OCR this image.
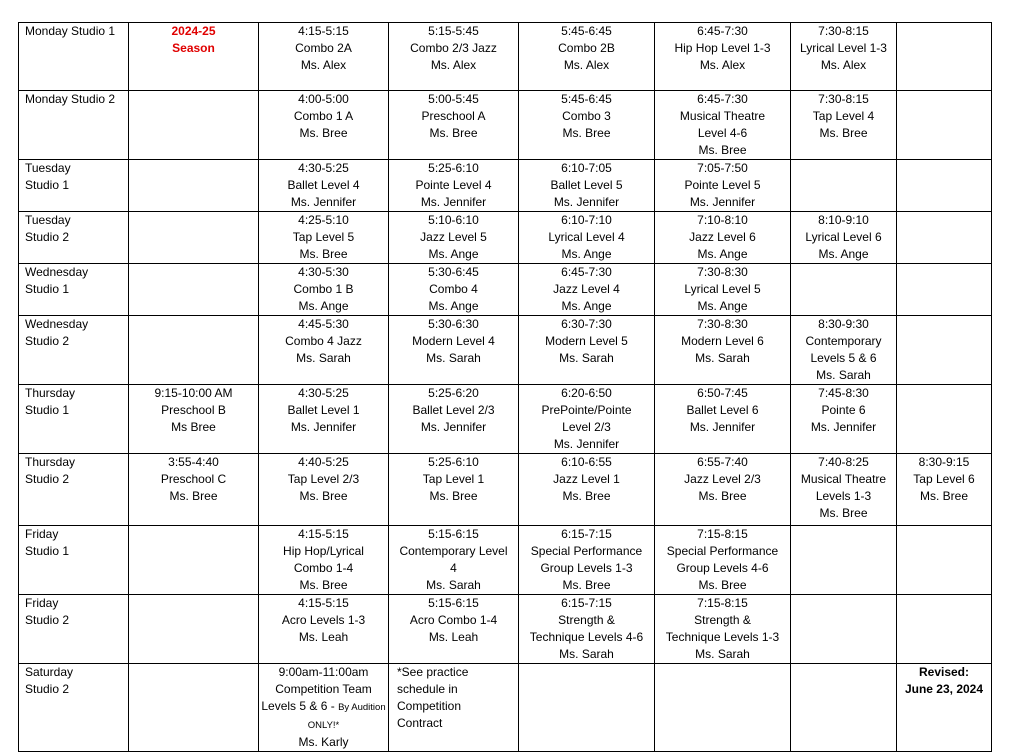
Monday Studio 1	2024-25
Season	4:15-5:15
Combo 2A
Ms. Alex	5:15-5:45
Combo 2/3 Jazz
Ms. Alex	5:45-6:45
Combo 2B
Ms. Alex	6:45-7:30
Hip Hop Level 1-3
Ms. Alex	7:30-8:15
Lyrical Level 1-3
Ms. Alex	
Monday Studio 2		4:00-5:00
Combo 1 A
Ms. Bree	5:00-5:45
Preschool A
Ms. Bree	5:45-6:45
Combo 3
Ms. Bree	6:45-7:30
Musical Theatre
Level 4-6
Ms. Bree	7:30-8:15
Tap Level 4
Ms. Bree	
Tuesday
Studio 1		4:30-5:25
Ballet Level 4
Ms. Jennifer	5:25-6:10
Pointe Level 4
Ms. Jennifer	6:10-7:05
Ballet Level 5
Ms. Jennifer	7:05-7:50
Pointe Level 5
Ms. Jennifer		
Tuesday
Studio 2		4:25-5:10
Tap Level 5
Ms. Bree	5:10-6:10
Jazz Level 5
Ms. Ange	6:10-7:10
Lyrical Level 4
Ms. Ange	7:10-8:10
Jazz Level 6
Ms. Ange	8:10-9:10
Lyrical Level 6
Ms. Ange	
Wednesday
Studio 1		4:30-5:30
Combo 1 B
Ms. Ange	5:30-6:45
Combo 4
Ms. Ange	6:45-7:30
Jazz Level 4
Ms. Ange	7:30-8:30
Lyrical Level 5
Ms. Ange		
Wednesday
Studio 2		4:45-5:30
Combo 4 Jazz
Ms. Sarah	5:30-6:30
Modern Level 4
Ms. Sarah	6:30-7:30
Modern Level 5
Ms. Sarah	7:30-8:30
Modern Level 6
Ms. Sarah	8:30-9:30
Contemporary
Levels 5 & 6
Ms. Sarah	
Thursday
Studio 1	9:15-10:00 AM
Preschool B
Ms Bree	4:30-5:25
Ballet Level 1
Ms. Jennifer	5:25-6:20
Ballet Level 2/3
Ms. Jennifer	6:20-6:50
PrePointe/Pointe
Level 2/3
Ms. Jennifer	6:50-7:45
Ballet Level 6
Ms. Jennifer	7:45-8:30
Pointe 6
Ms. Jennifer	
Thursday
Studio 2	3:55-4:40
Preschool C
Ms. Bree	4:40-5:25
Tap Level 2/3
Ms. Bree	5:25-6:10
Tap Level 1
Ms. Bree	6:10-6:55
Jazz Level 1
Ms. Bree	6:55-7:40
Jazz Level 2/3
Ms. Bree	7:40-8:25
Musical Theatre
Levels 1-3
Ms. Bree	8:30-9:15
Tap Level 6
Ms. Bree
Friday
Studio 1		4:15-5:15
Hip Hop/Lyrical
Combo 1-4
Ms. Bree	5:15-6:15
Contemporary Level
4
Ms. Sarah	6:15-7:15
Special Performance
Group Levels 1-3
Ms. Bree	7:15-8:15
Special Performance
Group Levels 4-6
Ms. Bree		
Friday
Studio 2		4:15-5:15
Acro Levels 1-3
Ms. Leah	5:15-6:15
Acro Combo 1-4
Ms. Leah	6:15-7:15
Strength &
Technique Levels 4-6
Ms. Sarah	7:15-8:15
Strength &
Technique Levels 1-3
Ms. Sarah		
Saturday
Studio 2		9:00am-11:00am
Competition Team
Levels 5 & 6 - By Audition ONLY!*
Ms. Karly	*See practice
schedule in
Competition
Contract				Revised:
June 23, 2024
